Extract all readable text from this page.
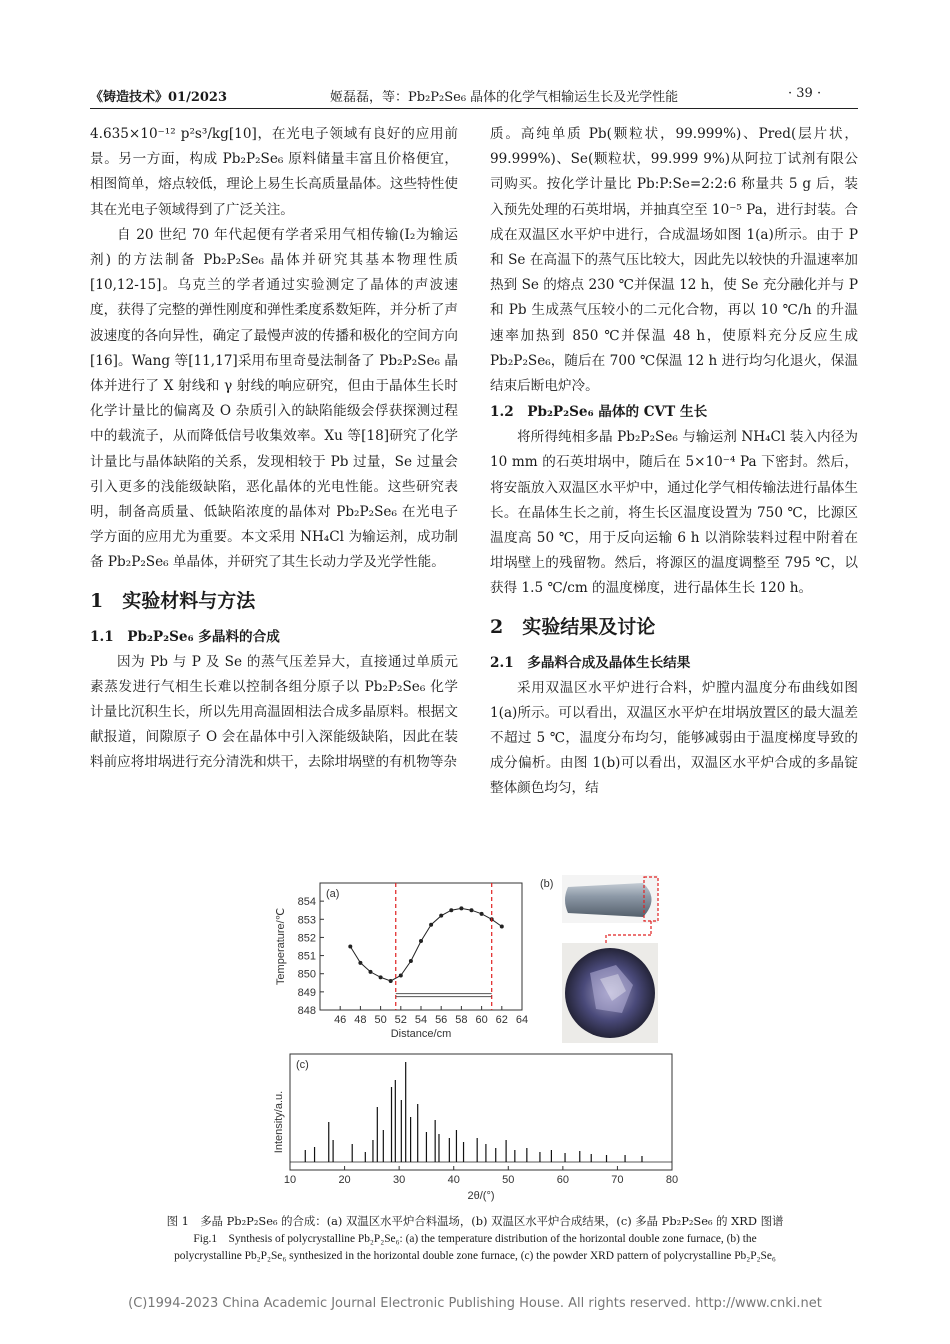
《铸造技术》01/2023	姬磊磊，等：Pb₂P₂Se₆ 晶体的化学气相输运生长及光学性能	· 39 ·

4.635×10⁻¹² p²s³/kg[10]，在光电子领域有良好的应用前景。另一方面，构成 Pb₂P₂Se₆ 原料储量丰富且价格便宜，相图简单，熔点较低，理论上易生长高质量晶体。这些特性使其在光电子领域得到了广泛关注。

自 20 世纪 70 年代起便有学者采用气相传输(I₂为输运剂) 的方法制备 Pb₂P₂Se₆ 晶体并研究其基本物理性质[10,12-15]。乌克兰的学者通过实验测定了晶体的声波速度，获得了完整的弹性刚度和弹性柔度系数矩阵，并分析了声波速度的各向异性，确定了最慢声波的传播和极化的空间方向[16]。Wang 等[11,17]采用布里奇曼法制备了 Pb₂P₂Se₆ 晶体并进行了 X 射线和 γ 射线的响应研究，但由于晶体生长时化学计量比的偏离及 O 杂质引入的缺陷能级会俘获探测过程中的载流子，从而降低信号收集效率。Xu 等[18]研究了化学计量比与晶体缺陷的关系，发现相较于 Pb 过量，Se 过量会引入更多的浅能级缺陷，恶化晶体的光电性能。这些研究表明，制备高质量、低缺陷浓度的晶体对 Pb₂P₂Se₆ 在光电子学方面的应用尤为重要。本文采用 NH₄Cl 为输运剂，成功制备 Pb₂P₂Se₆ 单晶体，并研究了其生长动力学及光学性能。

1　实验材料与方法
1.1　Pb₂P₂Se₆ 多晶料的合成

因为 Pb 与 P 及 Se 的蒸气压差异大，直接通过单质元素蒸发进行气相生长难以控制各组分原子以 Pb₂P₂Se₆ 化学计量比沉积生长，所以先用高温固相法合成多晶原料。根据文献报道，间隙原子 O 会在晶体中引入深能级缺陷，因此在装料前应将坩埚进行充分清洗和烘干，去除坩埚壁的有机物等杂

质。高纯单质 Pb(颗粒状，99.999%)、Pred(层片状，99.999%)、Se(颗粒状，99.999 9%)从阿拉丁试剂有限公司购买。按化学计量比 Pb:P:Se=2:2:6 称量共 5 g 后，装入预先处理的石英坩埚，并抽真空至 10⁻⁵ Pa，进行封装。合成在双温区水平炉中进行，合成温场如图 1(a)所示。由于 P 和 Se 在高温下的蒸气压比较大，因此先以较快的升温速率加热到 Se 的熔点 230 ℃并保温 12 h，使 Se 充分融化并与 P 和 Pb 生成蒸气压较小的二元化合物，再以 10 ℃/h 的升温速率加热到 850 ℃并保温 48 h，使原料充分反应生成 Pb₂P₂Se₆，随后在 700 ℃保温 12 h 进行均匀化退火，保温结束后断电炉冷。

1.2　Pb₂P₂Se₆ 晶体的 CVT 生长

将所得纯相多晶 Pb₂P₂Se₆ 与输运剂 NH₄Cl 装入内径为 10 mm 的石英坩埚中，随后在 5×10⁻⁴ Pa 下密封。然后，将安瓿放入双温区水平炉中，通过化学气相传输法进行晶体生长。在晶体生长之前，将生长区温度设置为 750 ℃，比源区温度高 50 ℃，用于反向运输 6 h 以消除装料过程中附着在坩埚壁上的残留物。然后，将源区的温度调整至 795 ℃，以获得 1.5 ℃/cm 的温度梯度，进行晶体生长 120 h。

2　实验结果及讨论
2.1　多晶料合成及晶体生长结果

采用双温区水平炉进行合料，炉膛内温度分布曲线如图 1(a)所示。可以看出，双温区水平炉在坩埚放置区的最大温差不超过 5 ℃，温度分布均匀，能够减弱由于温度梯度导致的成分偏析。由图 1(b)可以看出，双温区水平炉合成的多晶锭整体颜色均匀，结

46 48 50 52 54 56 58 60 62 64
848
849
850
851
852
853
854
Distance/cm
Temperature/℃
(a)
(b)
10	20	30	40	50	60	70	80
2θ/(°)
Intensity/a.u.
(c)
图 1　多晶 Pb₂P₂Se₆ 的合成：(a) 双温区水平炉合料温场，(b) 双温区水平炉合成结果，(c) 多晶 Pb₂P₂Se₆ 的 XRD 图谱
Fig.1　Synthesis of polycrystalline Pb₂P₂Se₆: (a) the temperature distribution of the horizontal double zone furnace, (b) the
polycrystalline Pb₂P₂Se₆ synthesized in the horizontal double zone furnace, (c) the powder XRD pattern of polycrystalline Pb₂P₂Se₆
(C)1994-2023 China Academic Journal Electronic Publishing House. All rights reserved. http://www.cnki.net
